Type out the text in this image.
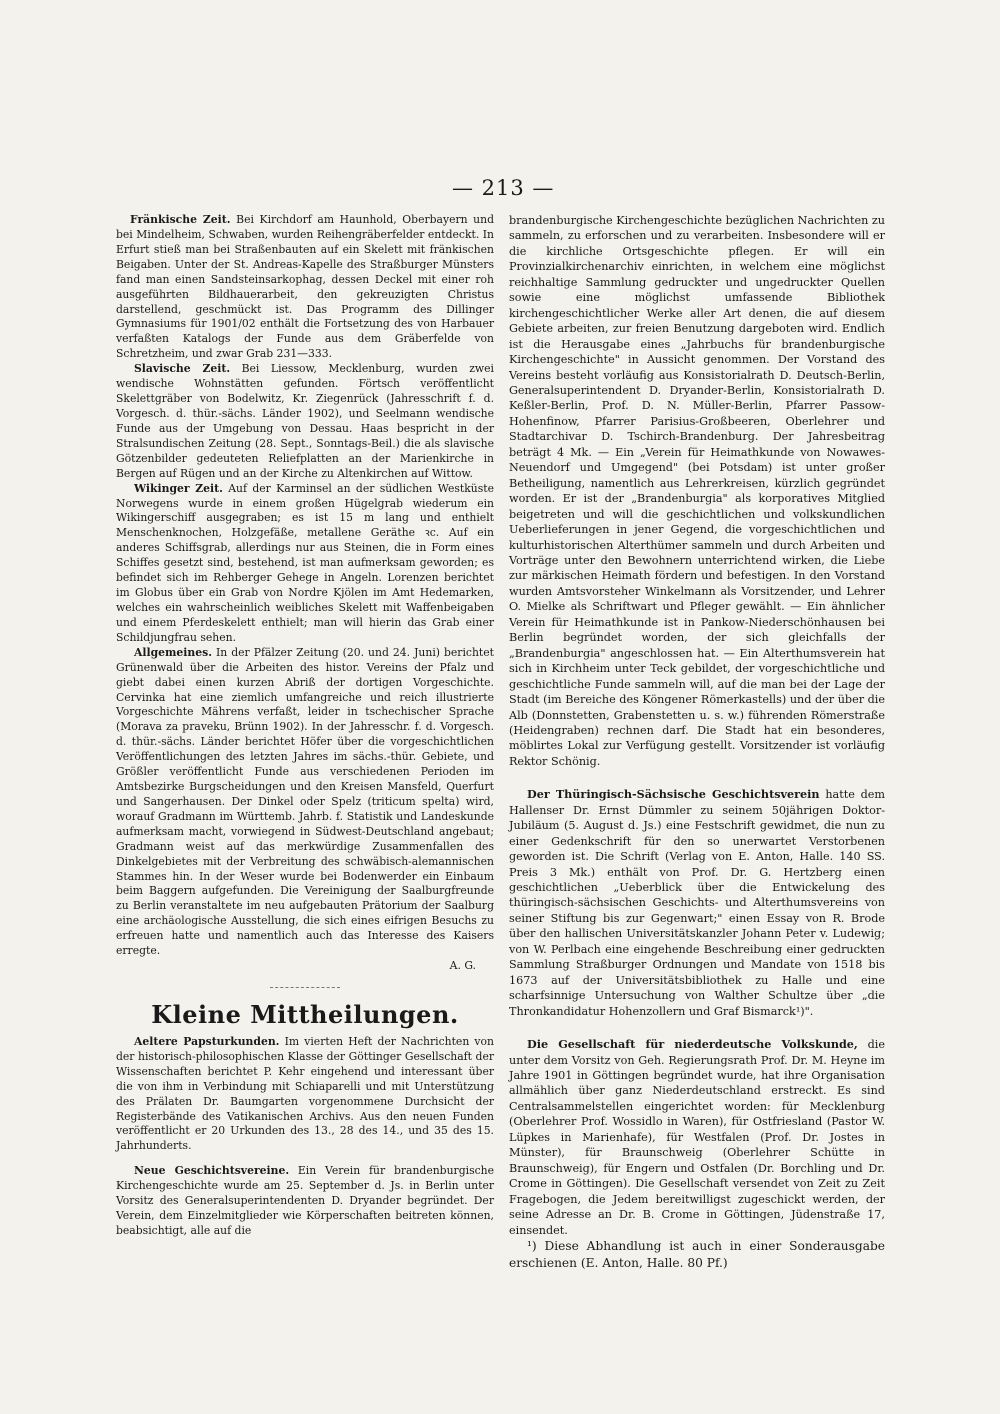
— 213 —

Fränkische Zeit. Bei Kirchdorf am Haunhold, Oberbayern und bei Mindelheim, Schwaben, wurden Reihengräberfelder entdeckt. In Erfurt stieß man bei Straßenbauten auf ein Skelett mit fränkischen Beigaben. Unter der St. Andreas-Kapelle des Straßburger Münsters fand man einen Sandsteinsarkophag, dessen Deckel mit einer roh ausgeführten Bildhauerarbeit, den gekreuzigten Christus darstellend, geschmückt ist. Das Programm des Dillinger Gymnasiums für 1901/02 enthält die Fortsetzung des von Harbauer verfaßten Katalogs der Funde aus dem Gräberfelde von Schretzheim, und zwar Grab 231—333.

Slavische Zeit. Bei Liessow, Mecklenburg, wurden zwei wendische Wohnstätten gefunden. Förtsch veröffentlicht Skelettgräber von Bodelwitz, Kr. Ziegenrück (Jahresschrift f. d. Vorgesch. d. thür.-sächs. Länder 1902), und Seelmann wendische Funde aus der Umgebung von Dessau. Haas bespricht in der Stralsundischen Zeitung (28. Sept., Sonntags-Beil.) die als slavische Götzenbilder gedeuteten Reliefplatten an der Marienkirche in Bergen auf Rügen und an der Kirche zu Altenkirchen auf Wittow.

Wikinger Zeit. Auf der Karminsel an der südlichen Westküste Norwegens wurde in einem großen Hügelgrab wiederum ein Wikingerschiff ausgegraben; es ist 15 m lang und enthielt Menschenknochen, Holzgefäße, metallene Geräthe ꝛc. Auf ein anderes Schiffsgrab, allerdings nur aus Steinen, die in Form eines Schiffes gesetzt sind, bestehend, ist man aufmerksam geworden; es befindet sich im Rehberger Gehege in Angeln. Lorenzen berichtet im Globus über ein Grab von Nordre Kjölen im Amt Hedemarken, welches ein wahrscheinlich weibliches Skelett mit Waffenbeigaben und einem Pferdeskelett enthielt; man will hierin das Grab einer Schildjungfrau sehen.

Allgemeines. In der Pfälzer Zeitung (20. und 24. Juni) berichtet Grünenwald über die Arbeiten des histor. Vereins der Pfalz und giebt dabei einen kurzen Abriß der dortigen Vorgeschichte. Cervinka hat eine ziemlich umfangreiche und reich illustrierte Vorgeschichte Mährens verfaßt, leider in tschechischer Sprache (Morava za praveku, Brünn 1902). In der Jahresschr. f. d. Vorgesch. d. thür.-sächs. Länder berichtet Höfer über die vorgeschichtlichen Veröffentlichungen des letzten Jahres im sächs.-thür. Gebiete, und Größler veröffentlicht Funde aus verschiedenen Perioden im Amtsbezirke Burgscheidungen und den Kreisen Mansfeld, Querfurt und Sangerhausen. Der Dinkel oder Spelz (triticum spelta) wird, worauf Gradmann im Württemb. Jahrb. f. Statistik und Landeskunde aufmerksam macht, vorwiegend in Südwest-Deutschland angebaut; Gradmann weist auf das merkwürdige Zusammenfallen des Dinkelgebietes mit der Verbreitung des schwäbisch-alemannischen Stammes hin. In der Weser wurde bei Bodenwerder ein Einbaum beim Baggern aufgefunden. Die Vereinigung der Saalburgfreunde zu Berlin veranstaltete im neu aufgebauten Prätorium der Saalburg eine archäologische Ausstellung, die sich eines eifrigen Besuchs zu erfreuen hatte und namentlich auch das Interesse des Kaisers erregte.

A. G.
Kleine Mittheilungen.

Aeltere Papsturkunden. Im vierten Heft der Nachrichten von der historisch-philosophischen Klasse der Göttinger Gesellschaft der Wissenschaften berichtet P. Kehr eingehend und interessant über die von ihm in Verbindung mit Schiaparelli und mit Unterstützung des Prälaten Dr. Baumgarten vorgenommene Durchsicht der Registerbände des Vatikanischen Archivs. Aus den neuen Funden veröffentlicht er 20 Urkunden des 13., 28 des 14., und 35 des 15. Jahrhunderts.

Neue Geschichtsvereine. Ein Verein für brandenburgische Kirchengeschichte wurde am 25. September d. Js. in Berlin unter Vorsitz des Generalsuperintendenten D. Dryander begründet. Der Verein, dem Einzelmitglieder wie Körperschaften beitreten können, beabsichtigt, alle auf die

brandenburgische Kirchengeschichte bezüglichen Nachrichten zu sammeln, zu erforschen und zu verarbeiten. Insbesondere will er die kirchliche Ortsgeschichte pflegen. Er will ein Provinzialkirchenarchiv einrichten, in welchem eine möglichst reichhaltige Sammlung gedruckter und ungedruckter Quellen sowie eine möglichst umfassende Bibliothek kirchengeschichtlicher Werke aller Art denen, die auf diesem Gebiete arbeiten, zur freien Benutzung dargeboten wird. Endlich ist die Herausgabe eines „Jahrbuchs für brandenburgische Kirchengeschichte" in Aussicht genommen. Der Vorstand des Vereins besteht vorläufig aus Konsistorialrath D. Deutsch-Berlin, Generalsuperintendent D. Dryander-Berlin, Konsistorialrath D. Keßler-Berlin, Prof. D. N. Müller-Berlin, Pfarrer Passow-Hohenfinow, Pfarrer Parisius-Großbeeren, Oberlehrer und Stadtarchivar D. Tschirch-Brandenburg. Der Jahresbeitrag beträgt 4 Mk. — Ein „Verein für Heimathkunde von Nowawes-Neuendorf und Umgegend" (bei Potsdam) ist unter großer Betheiligung, namentlich aus Lehrerkreisen, kürzlich gegründet worden. Er ist der „Brandenburgia" als korporatives Mitglied beigetreten und will die geschichtlichen und volkskundlichen Ueberlieferungen in jener Gegend, die vorgeschichtlichen und kulturhistorischen Alterthümer sammeln und durch Arbeiten und Vorträge unter den Bewohnern unterrichtend wirken, die Liebe zur märkischen Heimath fördern und befestigen. In den Vorstand wurden Amtsvorsteher Winkelmann als Vorsitzender, und Lehrer O. Mielke als Schriftwart und Pfleger gewählt. — Ein ähnlicher Verein für Heimathkunde ist in Pankow-Niederschönhausen bei Berlin begründet worden, der sich gleichfalls der „Brandenburgia" angeschlossen hat. — Ein Alterthumsverein hat sich in Kirchheim unter Teck gebildet, der vorgeschichtliche und geschichtliche Funde sammeln will, auf die man bei der Lage der Stadt (im Bereiche des Köngener Römerkastells) und der über die Alb (Donnstetten, Grabenstetten u. s. w.) führenden Römerstraße (Heidengraben) rechnen darf. Die Stadt hat ein besonderes, möblirtes Lokal zur Verfügung gestellt. Vorsitzender ist vorläufig Rektor Schönig.

Der Thüringisch-Sächsische Geschichtsverein hatte dem Hallenser Dr. Ernst Dümmler zu seinem 50jährigen Doktor-Jubiläum (5. August d. Js.) eine Festschrift gewidmet, die nun zu einer Gedenkschrift für den so unerwartet Verstorbenen geworden ist. Die Schrift (Verlag von E. Anton, Halle. 140 SS. Preis 3 Mk.) enthält von Prof. Dr. G. Hertzberg einen geschichtlichen „Ueberblick über die Entwickelung des thüringisch-sächsischen Geschichts- und Alterthumsvereins von seiner Stiftung bis zur Gegenwart;" einen Essay von R. Brode über den hallischen Universitätskanzler Johann Peter v. Ludewig; von W. Perlbach eine eingehende Beschreibung einer gedruckten Sammlung Straßburger Ordnungen und Mandate von 1518 bis 1673 auf der Universitätsbibliothek zu Halle und eine scharfsinnige Untersuchung von Walther Schultze über „die Thronkandidatur Hohenzollern und Graf Bismarck¹)".

Die Gesellschaft für niederdeutsche Volkskunde, die unter dem Vorsitz von Geh. Regierungsrath Prof. Dr. M. Heyne im Jahre 1901 in Göttingen begründet wurde, hat ihre Organisation allmählich über ganz Niederdeutschland erstreckt. Es sind Centralsammelstellen eingerichtet worden: für Mecklenburg (Oberlehrer Prof. Wossidlo in Waren), für Ostfriesland (Pastor W. Lüpkes in Marienhafe), für Westfalen (Prof. Dr. Jostes in Münster), für Braunschweig (Oberlehrer Schütte in Braunschweig), für Engern und Ostfalen (Dr. Borchling und Dr. Crome in Göttingen). Die Gesellschaft versendet von Zeit zu Zeit Fragebogen, die Jedem bereitwilligst zugeschickt werden, der seine Adresse an Dr. B. Crome in Göttingen, Jüdenstraße 17, einsendet.

¹) Diese Abhandlung ist auch in einer Sonderausgabe erschienen (E. Anton, Halle. 80 Pf.)
